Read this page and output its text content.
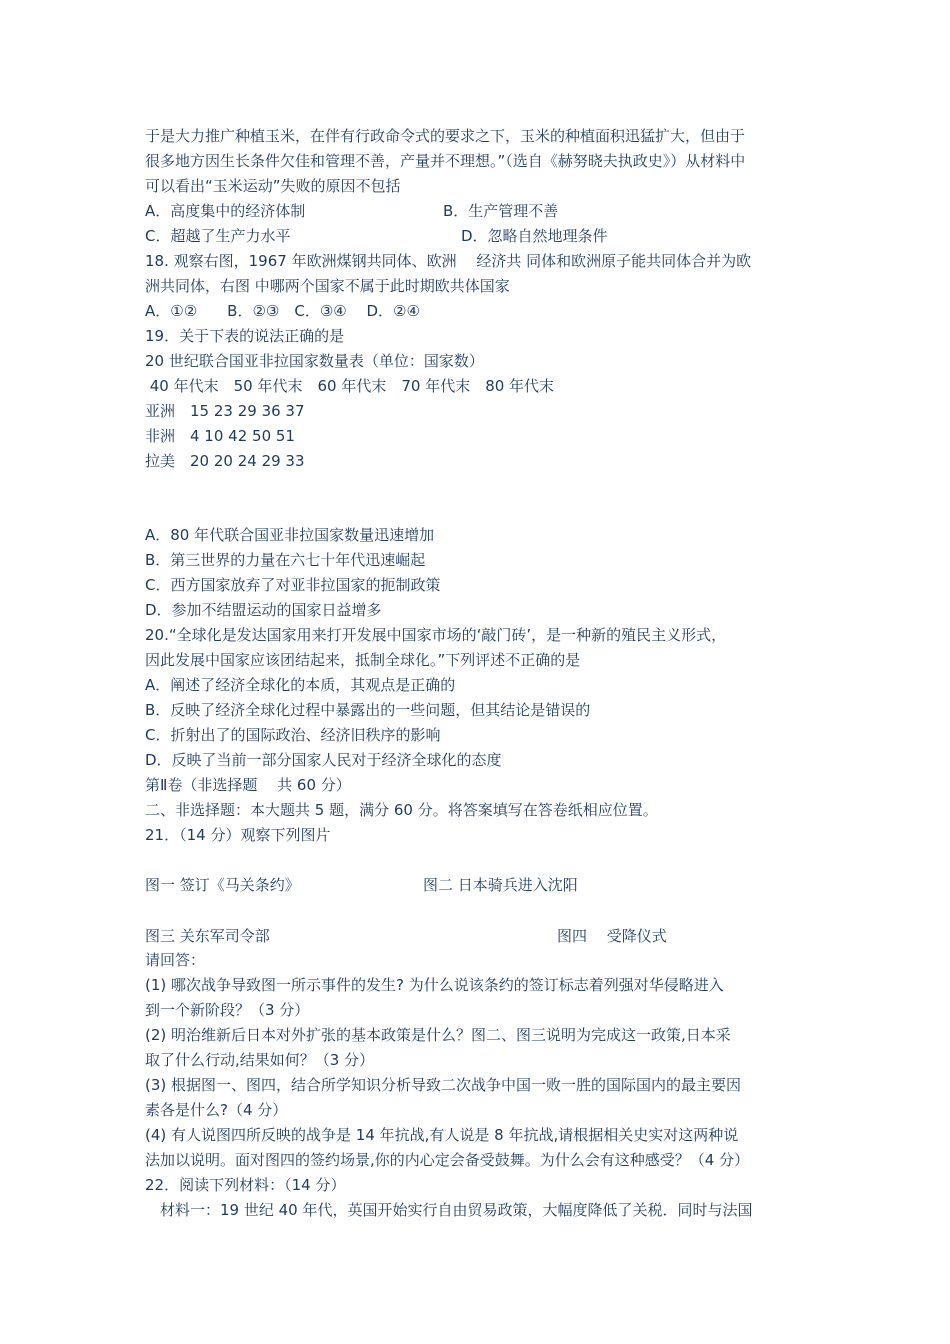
于是大力推广种植玉米，在伴有行政命令式的要求之下，玉米的种植面积迅猛扩大，但由于
很多地方因生长条件欠佳和管理不善，产量并不理想。”（选自《赫努晓夫执政史》）从材料中
可以看出“玉米运动”失败的原因不包括
A．高度集中的经济体制	B．生产管理不善
C．超越了生产力水平	D．忽略自然地理条件
18. 观察右图，1967 年欧洲煤钢共同体、欧洲　 经济共 同体和欧洲原子能共同体合并为欧
洲共同体，右图 中哪两个国家不属于此时期欧共体国家
A．①②　　B．②③　C．③④　 D．②④
19．关于下表的说法正确的是
20 世纪联合国亚非拉国家数量表（单位：国家数）
40 年代末　50 年代末　60 年代末　70 年代末　80 年代末
亚洲　15 23 29 36 37
非洲　4 10 42 50 51
拉美　20 20 24 29 33
A．80 年代联合国亚非拉国家数量迅速增加
B．第三世界的力量在六七十年代迅速崛起
C．西方国家放弃了对亚非拉国家的扼制政策
D．参加不结盟运动的国家日益增多
20.“全球化是发达国家用来打开发展中国家市场的‘敲门砖’，是一种新的殖民主义形式，
因此发展中国家应该团结起来，抵制全球化。”下列评述不正确的是
A．阐述了经济全球化的本质，其观点是正确的
B．反映了经济全球化过程中暴露出的一些问题，但其结论是错误的
C．折射出了的国际政治、经济旧秩序的影响
D．反映了当前一部分国家人民对于经济全球化的态度
第Ⅱ卷（非选择题　 共 60 分）
二、非选择题：本大题共 5 题，满分 60 分。将答案填写在答卷纸相应位置。
21．（14 分）观察下列图片
图一 签订《马关条约》	图二 日本骑兵进入沈阳
图三 关东军司令部	图四　 受降仪式
请回答：
(1) 哪次战争导致图一所示事件的发生? 为什么说该条约的签订标志着列强对华侵略进入
到一个新阶段？（3 分）
(2) 明治维新后日本对外扩张的基本政策是什么？图二、图三说明为完成这一政策,日本采
取了什么行动,结果如何？（3 分）
(3) 根据图一、图四，结合所学知识分析导致二次战争中国一败一胜的国际国内的最主要因
素各是什么?（4 分）
(4) 有人说图四所反映的战争是 14 年抗战,有人说是 8 年抗战,请根据相关史实对这两种说
法加以说明。面对图四的签约场景,你的内心定会备受鼓舞。为什么会有这种感受？（4 分）
22．阅读下列材料：（14 分）
　材料一：19 世纪 40 年代，英国开始实行自由贸易政策，大幅度降低了关税．同时与法国
